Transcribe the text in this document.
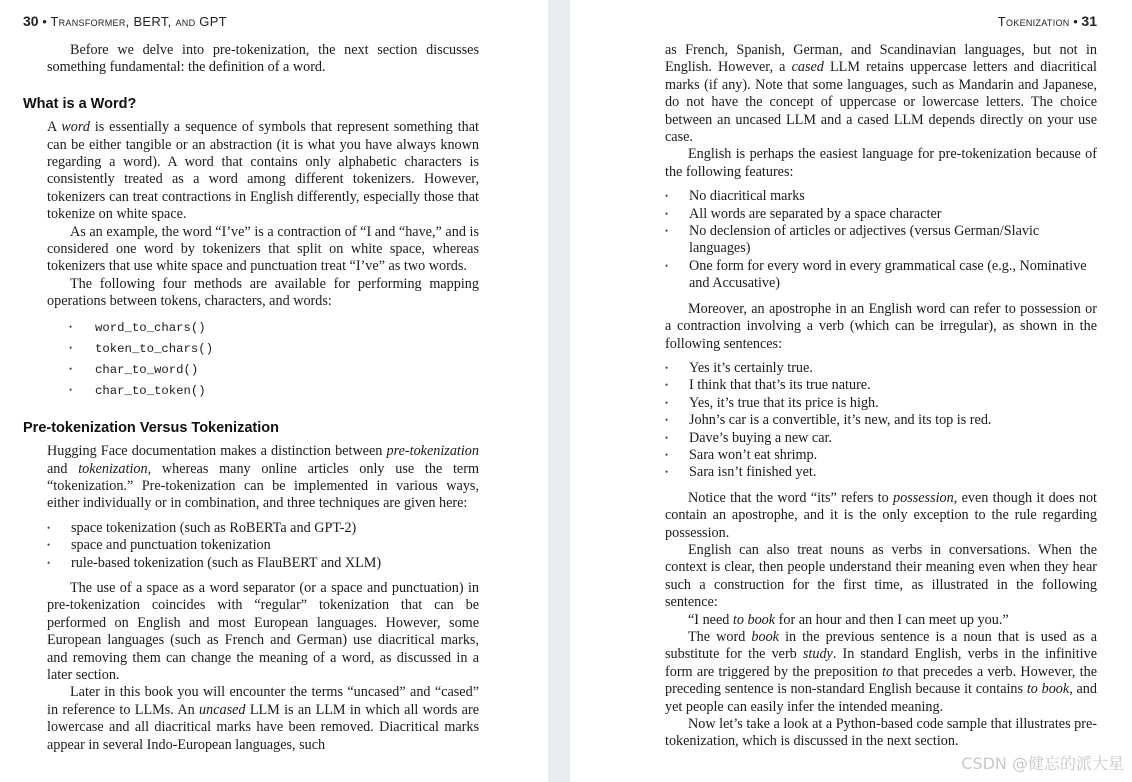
30 • Transformer, BERT, and GPT

Before we delve into pre-tokenization, the next section discusses something fundamental: the definition of a word.

What is a Word?

A word is essentially a sequence of symbols that represent something that can be either tangible or an abstraction (it is what you have always known regarding a word). A word that contains only alphabetic characters is consistently treated as a word among different tokenizers. However, tokenizers can treat contractions in English differently, especially those that tokenize on white space.

As an example, the word “I’ve” is a contraction of “I and “have,” and is considered one word by tokenizers that split on white space, whereas tokenizers that use white space and punctuation treat “I’ve” as two words.

The following four methods are available for performing mapping operations between tokens, characters, and words:

• word_to_chars()
• token_to_chars()
• char_to_word()
• char_to_token()
Pre-tokenization Versus Tokenization

Hugging Face documentation makes a distinction between pre-tokenization and tokenization, whereas many online articles only use the term “tokenization.” Pre-tokenization can be implemented in various ways, either individually or in combination, and three techniques are given here:

• space tokenization (such as RoBERTa and GPT-2)
• space and punctuation tokenization
• rule-based tokenization (such as FlauBERT and XLM)

The use of a space as a word separator (or a space and punctuation) in pre-tokenization coincides with “regular” tokenization that can be performed on English and most European languages. However, some European languages (such as French and German) use diacritical marks, and removing them can change the meaning of a word, as discussed in a later section.

Later in this book you will encounter the terms “uncased” and “cased” in reference to LLMs. An uncased LLM is an LLM in which all words are lowercase and all diacritical marks have been removed. Diacritical marks appear in several Indo-European languages, such

Tokenization • 31

as French, Spanish, German, and Scandinavian languages, but not in English. However, a cased LLM retains uppercase letters and diacritical marks (if any). Note that some languages, such as Mandarin and Japanese, do not have the concept of uppercase or lowercase letters. The choice between an uncased LLM and a cased LLM depends directly on your use case.

English is perhaps the easiest language for pre-tokenization because of the following features:

• No diacritical marks
• All words are separated by a space character
• No declension of articles or adjectives (versus German/Slavic languages)
• One form for every word in every grammatical case (e.g., Nominative and Accusative)

Moreover, an apostrophe in an English word can refer to possession or a contraction involving a verb (which can be irregular), as shown in the following sentences:

• Yes it’s certainly true.
• I think that that’s its true nature.
• Yes, it’s true that its price is high.
• John’s car is a convertible, it’s new, and its top is red.
• Dave’s buying a new car.
• Sara won’t eat shrimp.
• Sara isn’t finished yet.

Notice that the word “its” refers to possession, even though it does not contain an apostrophe, and it is the only exception to the rule regarding possession.

English can also treat nouns as verbs in conversations. When the context is clear, then people understand their meaning even when they hear such a construction for the first time, as illustrated in the following sentence:

“I need to book for an hour and then I can meet up you.”

The word book in the previous sentence is a noun that is used as a substitute for the verb study. In standard English, verbs in the infinitive form are triggered by the preposition to that precedes a verb. However, the preceding sentence is non-standard English because it contains to book, and yet people can easily infer the intended meaning.

Now let’s take a look at a Python-based code sample that illustrates pre-tokenization, which is discussed in the next section.

CSDN @健忘的派大星
